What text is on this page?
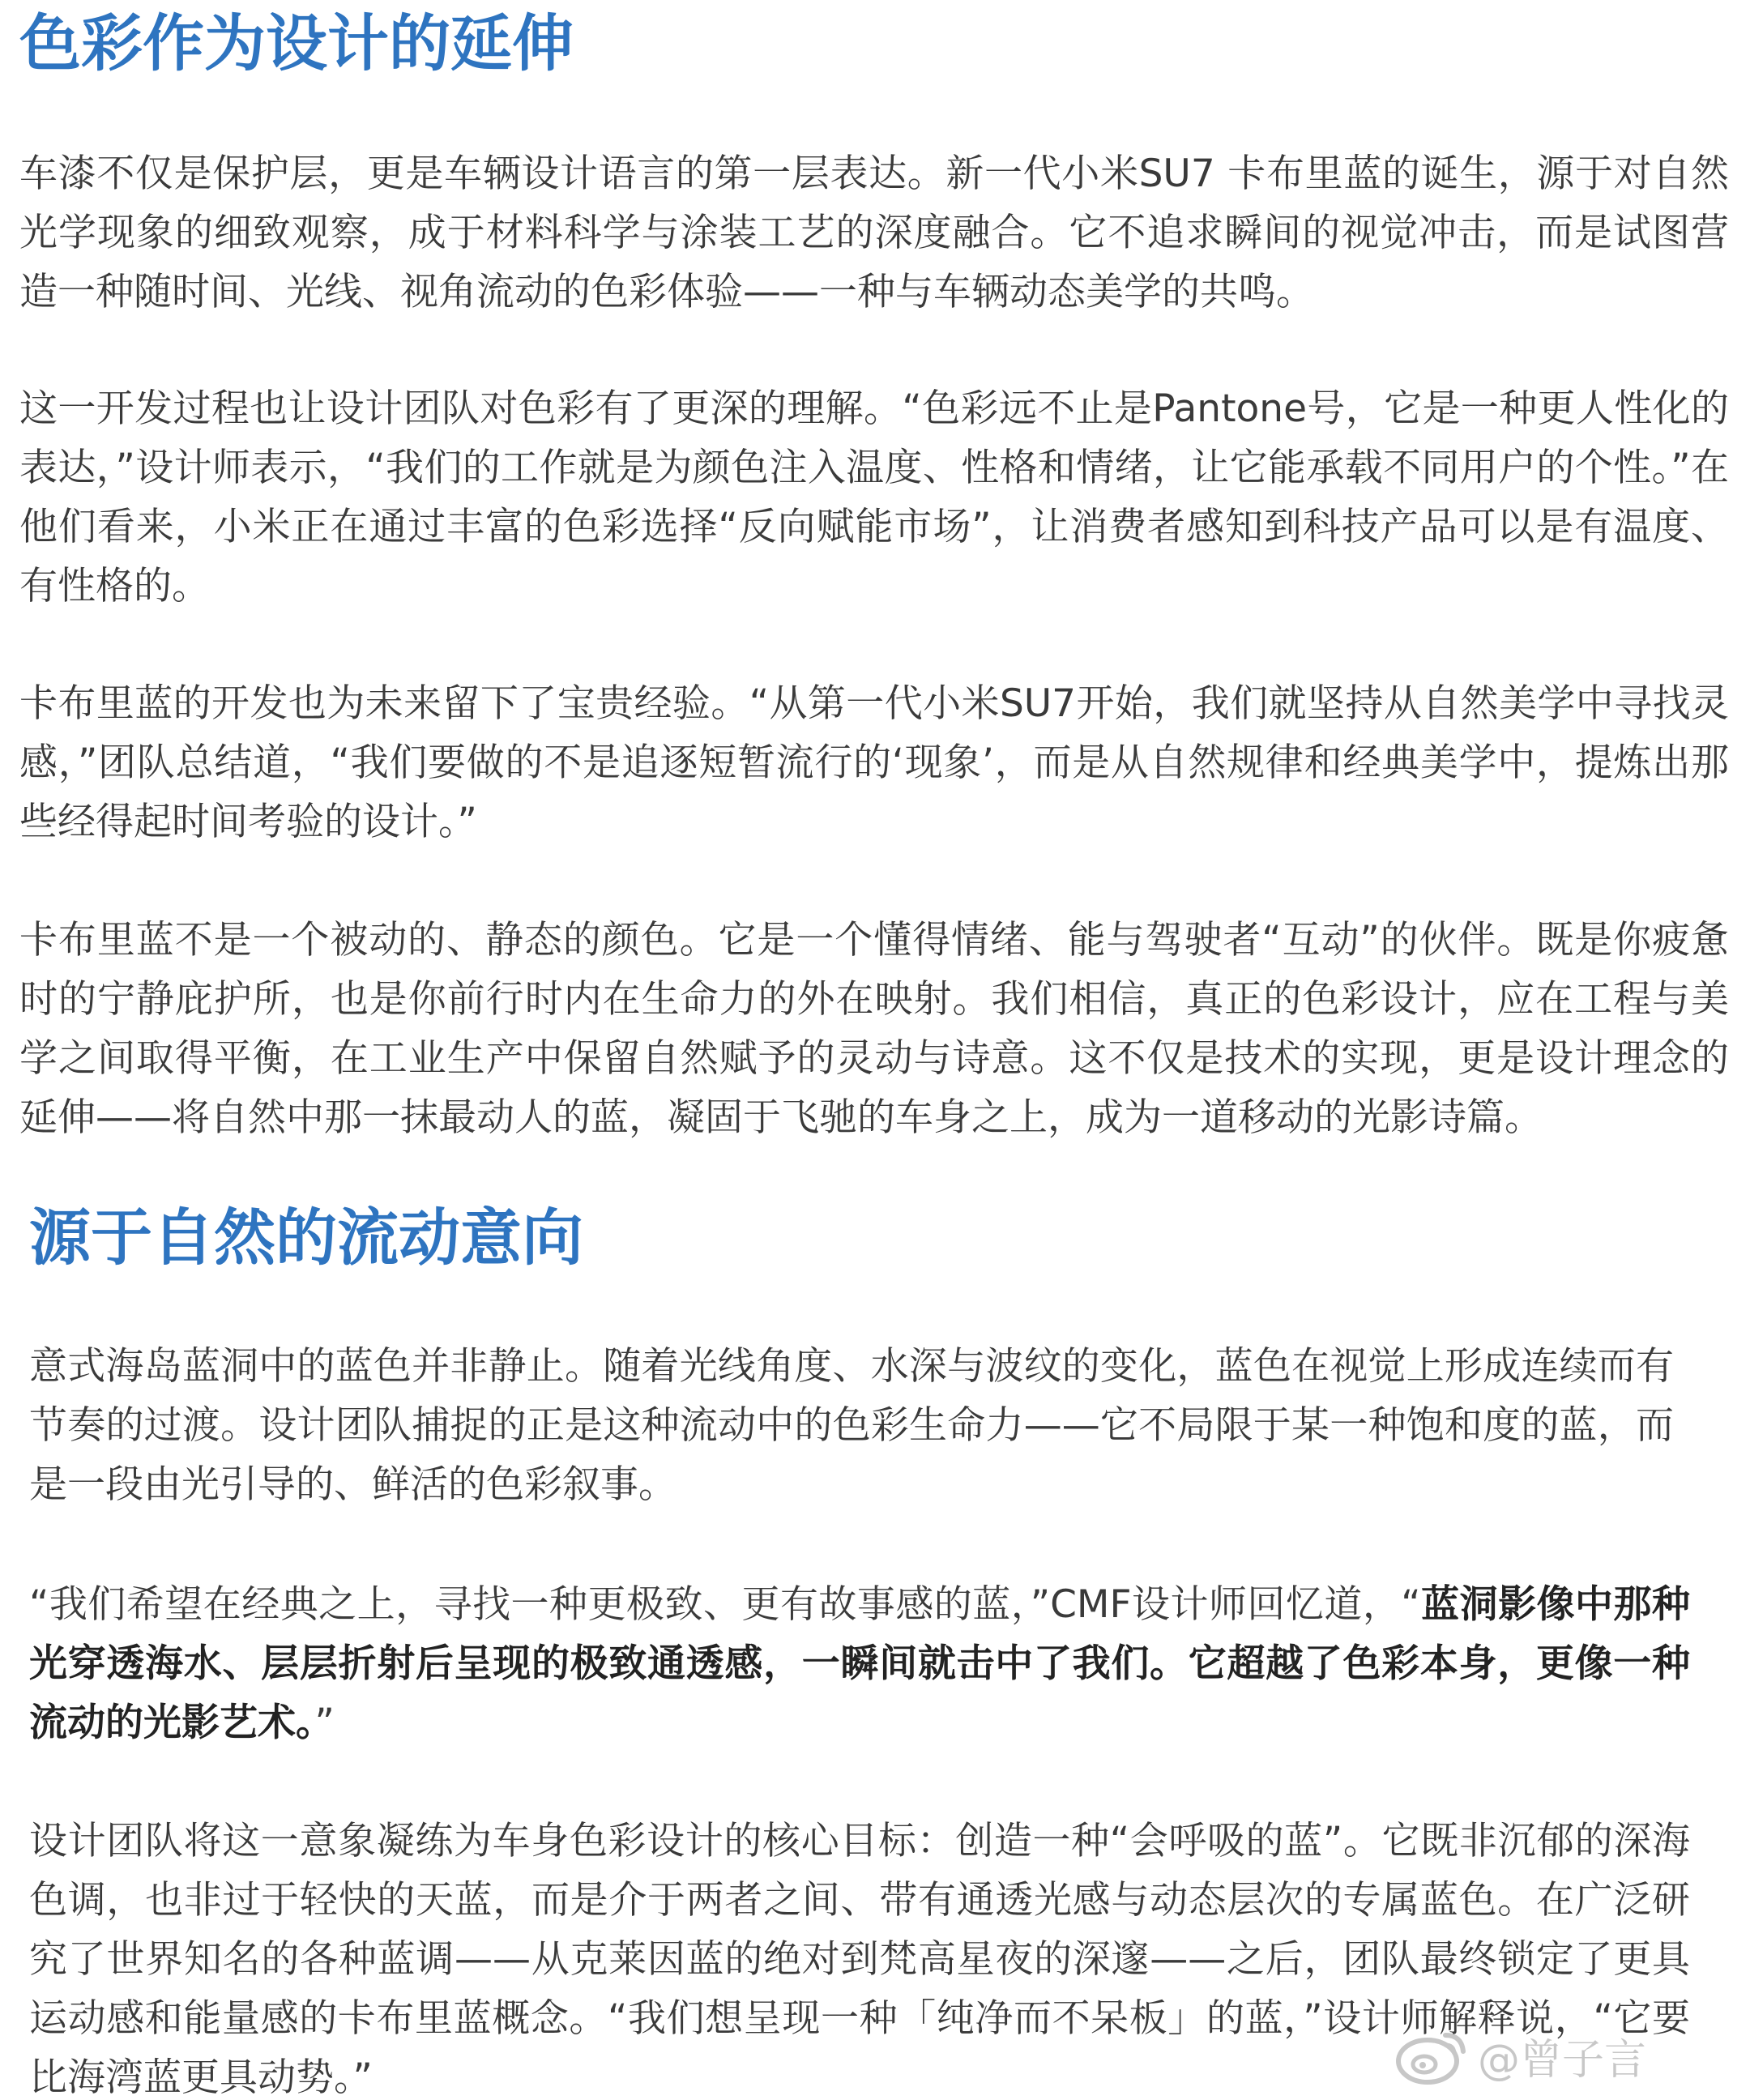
色彩作为设计的延伸

车漆不仅是保护层，更是车辆设计语言的第一层表达。新一代小米SU7 卡布里蓝的诞生，源于对自然光学现象的细致观察，成于材料科学与涂装工艺的深度融合。它不追求瞬间的视觉冲击，而是试图营造一种随时间、光线、视角流动的色彩体验——一种与车辆动态美学的共鸣。

这一开发过程也让设计团队对色彩有了更深的理解。“色彩远不止是Pantone号，它是一种更人性化的表达，”设计师表示，“我们的工作就是为颜色注入温度、性格和情绪，让它能承载不同用户的个性。”在他们看来，小米正在通过丰富的色彩选择“反向赋能市场”，让消费者感知到科技产品可以是有温度、有性格的。

卡布里蓝的开发也为未来留下了宝贵经验。“从第一代小米SU7开始，我们就坚持从自然美学中寻找灵感，”团队总结道，“我们要做的不是追逐短暂流行的‘现象’，而是从自然规律和经典美学中，提炼出那些经得起时间考验的设计。”

卡布里蓝不是一个被动的、静态的颜色。它是一个懂得情绪、能与驾驶者“互动”的伙伴。既是你疲惫时的宁静庇护所，也是你前行时内在生命力的外在映射。我们相信，真正的色彩设计，应在工程与美学之间取得平衡，在工业生产中保留自然赋予的灵动与诗意。这不仅是技术的实现，更是设计理念的延伸——将自然中那一抹最动人的蓝，凝固于飞驰的车身之上，成为一道移动的光影诗篇。

源于自然的流动意向

意式海岛蓝洞中的蓝色并非静止。随着光线角度、水深与波纹的变化，蓝色在视觉上形成连续而有节奏的过渡。设计团队捕捉的正是这种流动中的色彩生命力——它不局限于某一种饱和度的蓝，而是一段由光引导的、鲜活的色彩叙事。

“我们希望在经典之上，寻找一种更极致、更有故事感的蓝，”CMF设计师回忆道，“蓝洞影像中那种光穿透海水、层层折射后呈现的极致通透感，一瞬间就击中了我们。它超越了色彩本身，更像一种流动的光影艺术。”

设计团队将这一意象凝练为车身色彩设计的核心目标：创造一种“会呼吸的蓝”。它既非沉郁的深海色调，也非过于轻快的天蓝，而是介于两者之间、带有通透光感与动态层次的专属蓝色。在广泛研究了世界知名的各种蓝调——从克莱因蓝的绝对到梵高星夜的深邃——之后，团队最终锁定了更具运动感和能量感的卡布里蓝概念。“我们想呈现一种「纯净而不呆板」的蓝，”设计师解释说，“它要比海湾蓝更具动势。”	@曾子言
